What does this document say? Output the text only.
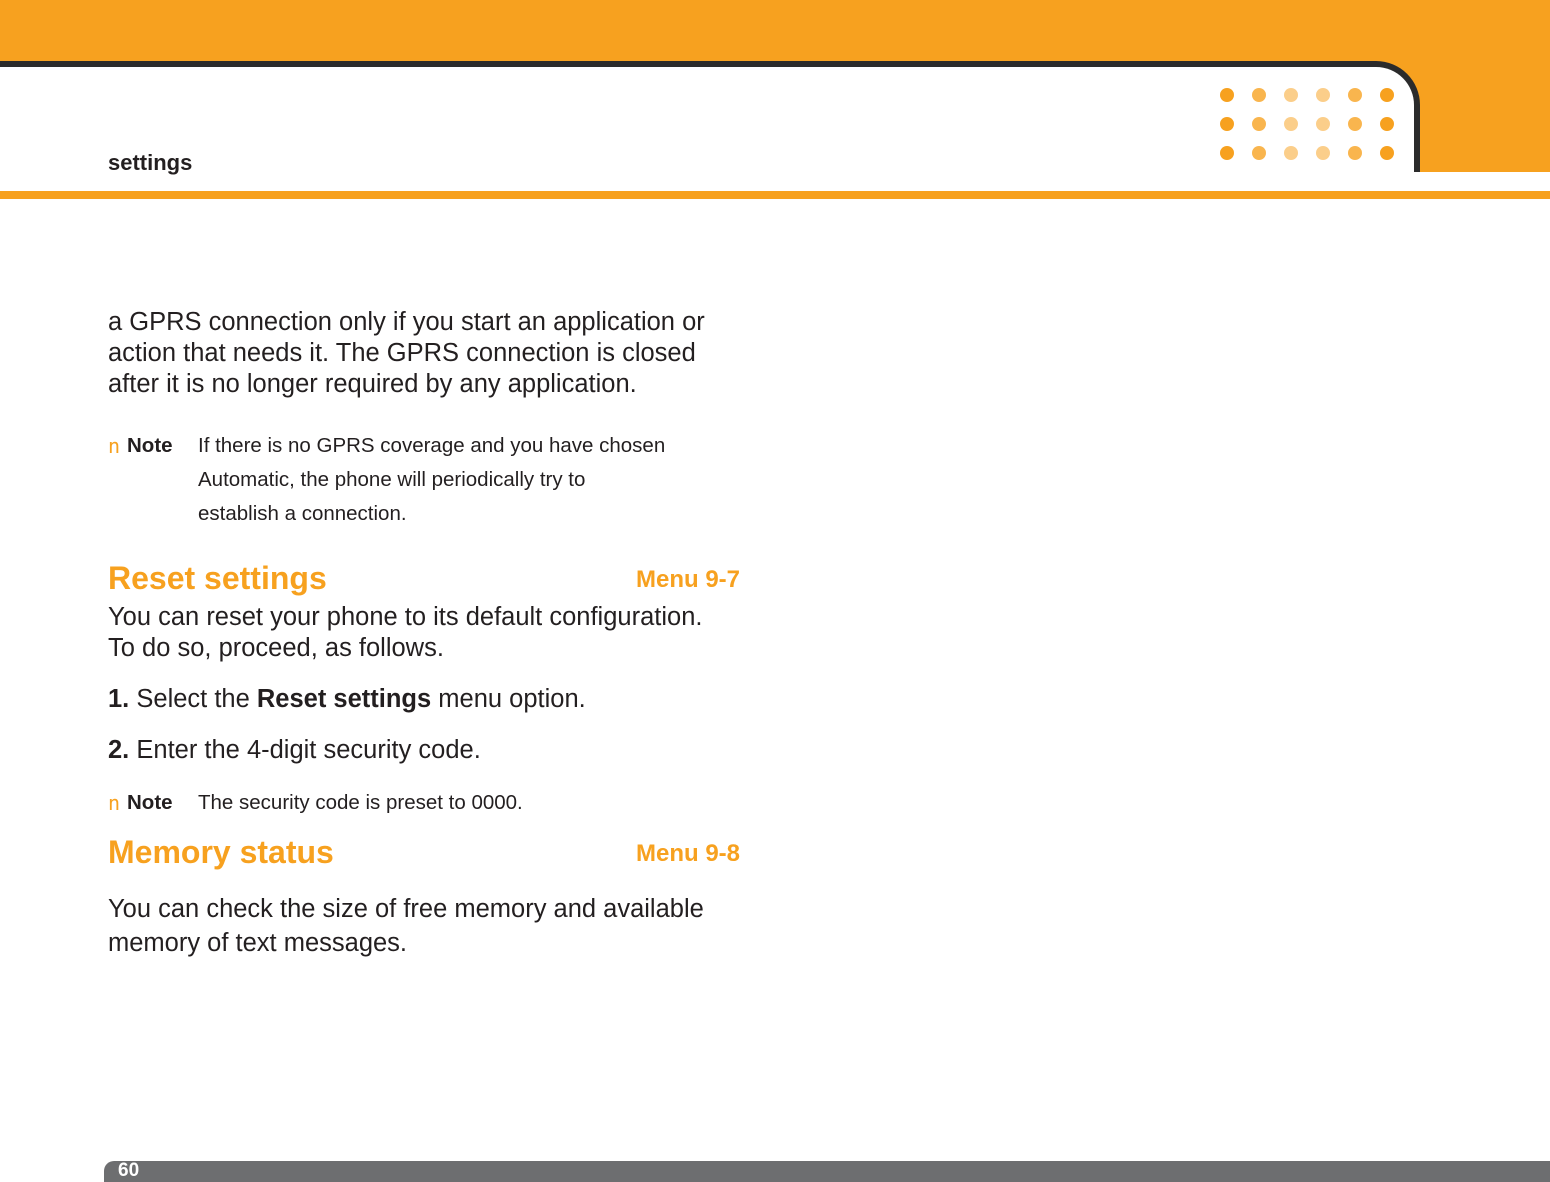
settings
a GPRS connection only if you start an application or
action that needs it. The GPRS connection is closed
after it is no longer required by any application.
n Note If there is no GPRS coverage and you have chosen
Automatic, the phone will periodically try to
establish a connection.
Reset settings	Menu 9-7
You can reset your phone to its default configuration.
To do so, proceed, as follows.
1. Select the Reset settings menu option.
2. Enter the 4-digit security code.
n Note The security code is preset to 0000.
Memory status	Menu 9-8
You can check the size of free memory and available
memory of text messages.
60
